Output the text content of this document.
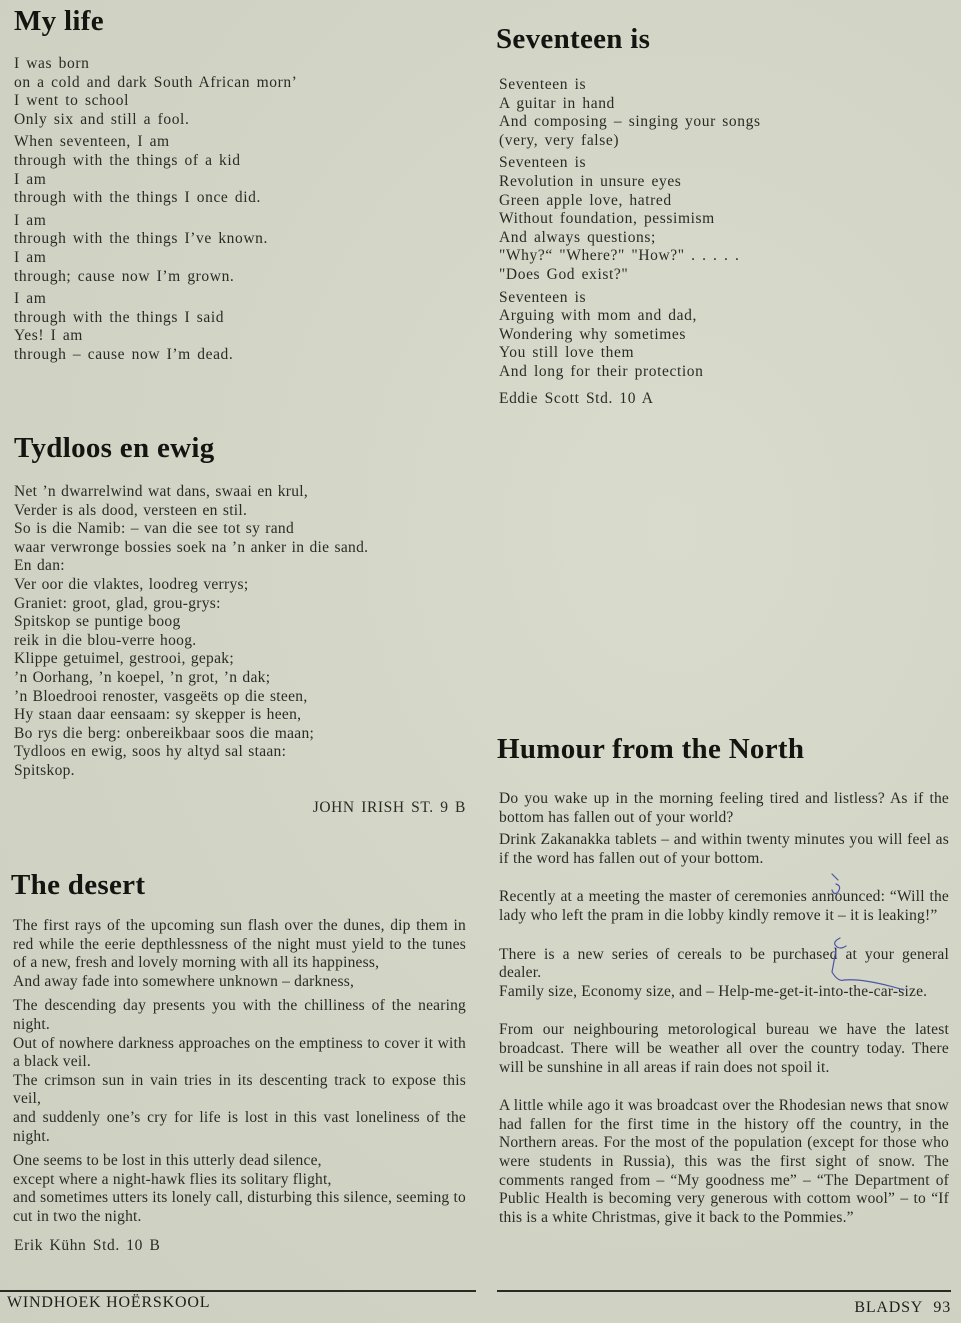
My life
I was born
on a cold and dark South African morn’
I went to school
Only six and still a fool.
When seventeen, I am
through with the things of a kid
I am
through with the things I once did.
I am
through with the things I’ve known.
I am
through; cause now I’m grown.
I am
through with the things I said
Yes! I am
through – cause now I’m dead.
Seventeen is
Seventeen is
A guitar in hand
And composing – singing your songs
(very, very false)
Seventeen is
Revolution in unsure eyes
Green apple love, hatred
Without foundation, pessimism
And always questions;
"Why?“ "Where?" "How?" . . . . .
"Does God exist?"
Seventeen is
Arguing with mom and dad,
Wondering why sometimes
You still love them
And long for their protection
Eddie Scott Std. 10 A
Tydloos en ewig
Net ’n dwarrelwind wat dans, swaai en krul,
Verder is als dood, versteen en stil.
So is die Namib: – van die see tot sy rand
waar verwronge bossies soek na ’n anker in die sand.
En dan:
Ver oor die vlaktes, loodreg verrys;
Graniet: groot, glad, grou-grys:
Spitskop se puntige boog
reik in die blou-verre hoog.
Klippe getuimel, gestrooi, gepak;
’n Oorhang, ’n koepel, ’n grot, ’n dak;
’n Bloedrooi renoster, vasgeëts op die steen,
Hy staan daar eensaam: sy skepper is heen,
Bo rys die berg: onbereikbaar soos die maan;
Tydloos en ewig, soos hy altyd sal staan:
Spitskop.
JOHN IRISH ST. 9 B
The desert

The first rays of the upcoming sun flash over the dunes, dip them in red while the eerie depthlessness of the night must yield to the tunes of a new, fresh and lovely morning with all its happiness,

And away fade into somewhere unknown – darkness,

The descending day presents you with the chilliness of the nearing night.

Out of nowhere darkness approaches on the emptiness to cover it with a black veil.

The crimson sun in vain tries in its descenting track to expose this veil,

and suddenly one’s cry for life is lost in this vast loneliness of the night.

One seems to be lost in this utterly dead silence,

except where a night-hawk flies its solitary flight,

and sometimes utters its lonely call, disturbing this silence, seeming to cut in two the night.

Erik Kühn Std. 10 B
Humour from the North

Do you wake up in the morning feeling tired and listless? As if the bottom has fallen out of your world?

Drink Zakanakka tablets – and within twenty minutes you will feel as if the word has fallen out of your bottom.

Recently at a meeting the master of ceremonies announced: “Will the lady who left the pram in die lobby kindly remove it – it is leaking!”

There is a new series of cereals to be purchased at your general dealer.

Family size, Economy size, and – Help-me-get-it-into-the-car-size.

From our neighbouring metorological bureau we have the latest broadcast. There will be weather all over the country today. There will be sunshine in all areas if rain does not spoil it.

A little while ago it was broadcast over the Rhodesian news that snow had fallen for the first time in the history off the country, in the Northern areas. For the most of the population (except for those who were students in Russia), this was the first sight of snow. The comments ranged from – “My goodness me” – “The Department of Public Health is becoming very generous with cottom wool” – to “If this is a white Christmas, give it back to the Pommies.”

WINDHOEK HOËRSKOOL	BLADSY 93
